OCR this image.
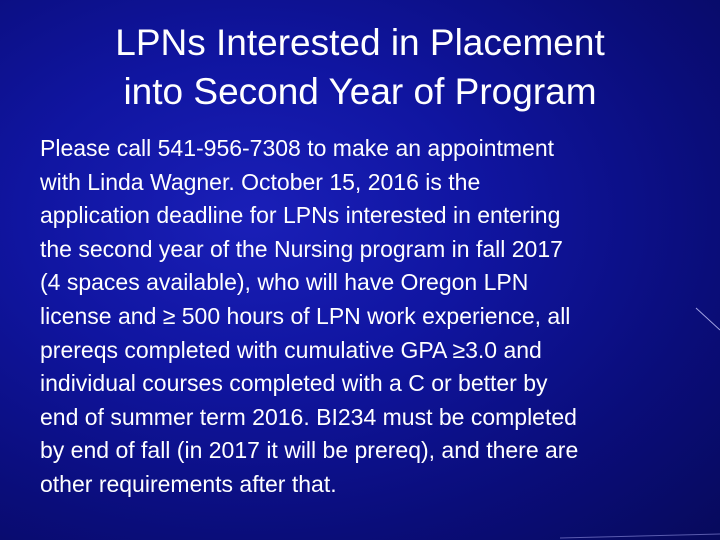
LPNs Interested in Placement
into Second Year of Program
Please call 541-956-7308 to make an appointment
with Linda Wagner. October 15, 2016 is the
application deadline for LPNs interested in entering
the second year of the Nursing program in fall 2017
(4 spaces available), who will have Oregon LPN
license and ≥ 500 hours of LPN work experience, all
prereqs completed with cumulative GPA ≥3.0 and
individual courses completed with a C or better by
end of summer term 2016. BI234 must be completed
by end of fall (in 2017 it will be prereq), and there are
other requirements after that.
